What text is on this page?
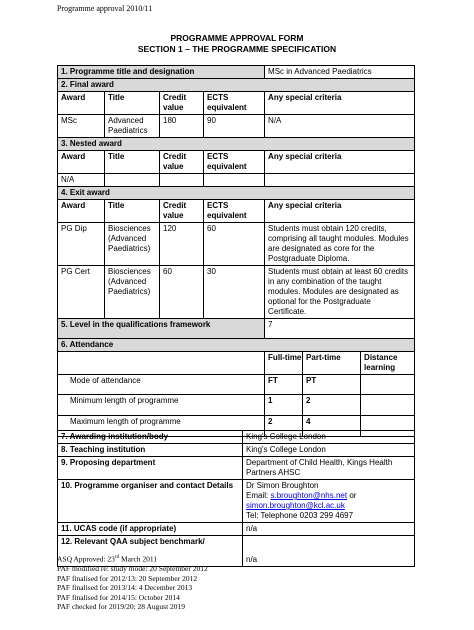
Programme approval 2010/11
PROGRAMME APPROVAL FORM
SECTION 1 – THE PROGRAMME SPECIFICATION
1. Programme title and designation				MSc in Advanced Paediatrics		
2. Final award						
Award	Title	Credit value	ECTS equivalent	Any special criteria		
MSc	Advanced Paediatrics	180	90	N/A		
3. Nested award						
Award	Title	Credit value	ECTS equivalent	Any special criteria		
N/A						
4. Exit award						
Award	Title	Credit value	ECTS equivalent	Any special criteria		
PG Dip	Biosciences (Advanced Paediatrics)	120	60	Students must obtain 120 credits, comprising all taught modules. Modules are designated as core for the Postgraduate Diploma.		
PG Cert	Biosciences (Advanced Paediatrics)	60	30	Students must obtain at least 60 credits in any combination of the taught modules. Modules are designated as optional for the Postgraduate Certificate.		
5. Level in the qualifications framework				7		
6. Attendance						
				Full-time	Part-time	Distance learning
Mode of attendance				FT	PT	
Minimum length of programme				1	2	
Maximum length of programme				2	4	
7. Awarding institution/body	King's College London
8. Teaching institution	King's College London
9. Proposing department	Department of Child Health, Kings Health Partners AHSC
10. Programme organiser and contact Details	Dr Simon Broughton
Email: s.broughton@nhs.net or
simon.broughton@kcl.ac.uk
Tel: Telephone 0203 299 4697

11. UCAS code (if appropriate)	n/a
12. Relevant QAA subject benchmark/	n/a
ASQ Approved: 23rd March 2011
PAF modified re: study mode: 20 September 2012
PAF finalised for 2012/13: 20 September 2012
PAF finalised for 2013/14: 4 December 2013
PAF finalised for 2014/15: October 2014
PAF checked for 2019/20: 28 August 2019
